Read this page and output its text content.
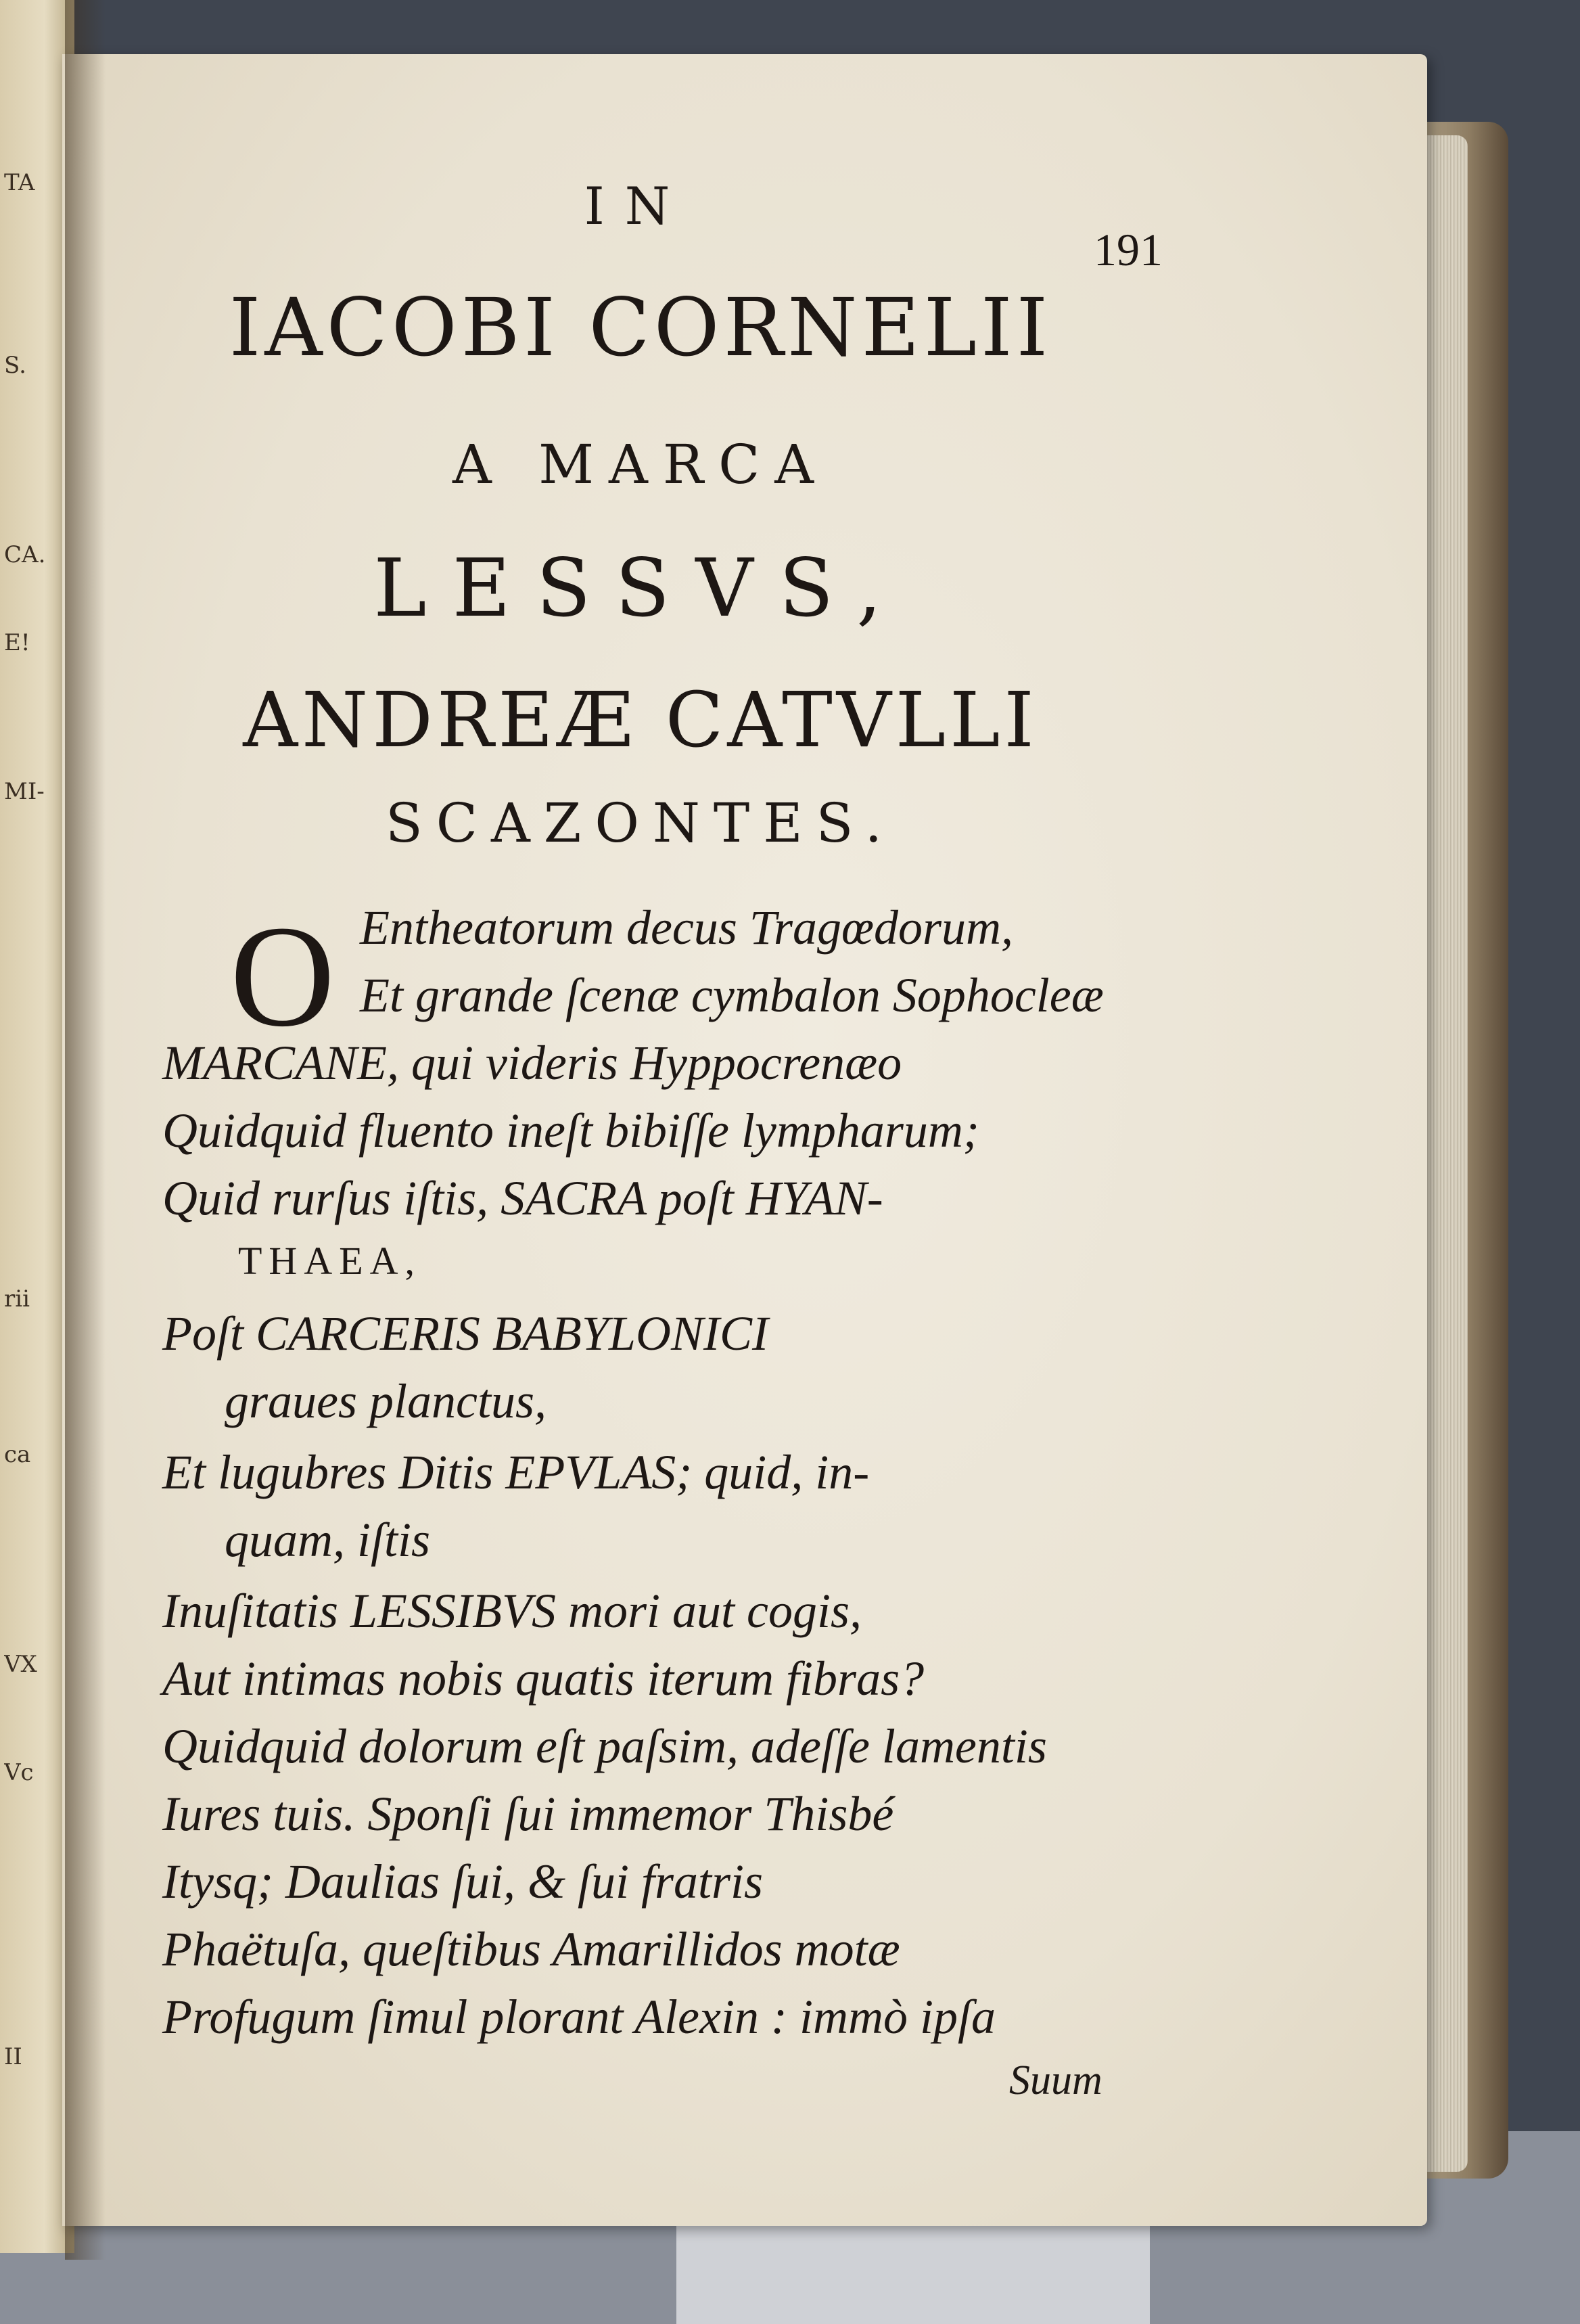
TA
S.
CA.
E!
MI-
rii
ca
VX
Vc
II
IN
191
IACOBI CORNELII
A MARCA
LESSVS,
ANDREÆ CATVLLI
SCAZONTES.
O Entheatorum decus Tragœdorum,
Et grande ſcenæ cymbalon Sophocleæ
MARCANE, qui videris Hyppocrenæo
Quidquid fluento ineſt bibiſſe lympharum;
Quid rurſus iſtis, SACRA poſt HYAN-
THAEA,
Poſt CARCERIS BABYLONICI
graues planctus,
Et lugubres Ditis EPVLAS; quid, in-
quam, iſtis
Inuſitatis LESSIBVS mori aut cogis,
Aut intimas nobis quatis iterum fibras?
Quidquid dolorum eſt paſsim, adeſſe lamentis
Iures tuis. Sponſi ſui immemor Thisbé
Itysq; Daulias ſui, & ſui fratris
Phaëtuſa, queſtibus Amarillidos motæ
Profugum ſimul plorant Alexin : immò ipſa
Suum
